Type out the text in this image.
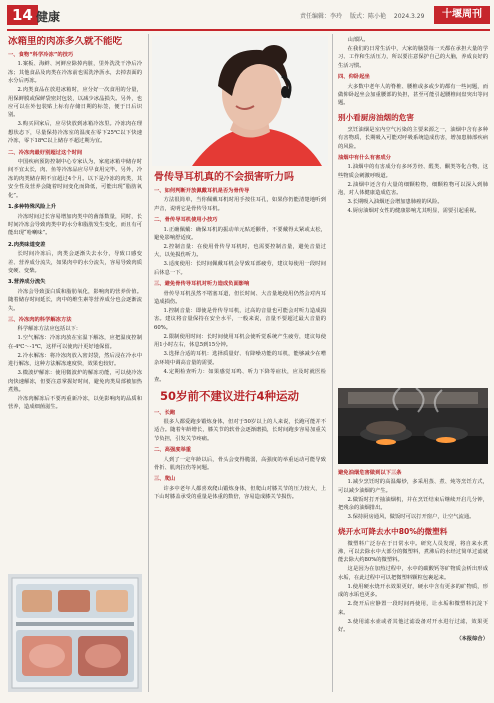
14 健康	责任编辑：李玲 版式：陈小艳 2024.3.29	十堰周刊

冰箱里的肉冻多久就不能吃

一、食物“科学冷冻”的技巧

1.案板、海鲜、河鲜应除掉内脏，里外洗洗干净后冷冻；其他食品及肉类在冷冻前也需洗净沥水，去掉表面的水分后再冻。

2.肉类食品在放进冰箱时，应分好一次食用的分量，用保鲜膜或保鲜袋密封包装，以减少冰晶损失。另外，也应可以在外包装贴上标有存储日期的标签，便于日后识别。

3.购买回家后，应尽快放到冰箱冷冻里。冷冻肉在理想状态下，尽量保持冷冻室的温度在零下25℃以下快速冷冻，零下18℃以上储存不超过期为宜。

二、冷冻肉最好别超过这个时间

中国疾病预防控制中心专家认为，家庭冰箱中储存时间不宜太长，肉、鱼等冷冻品应尽早食用完毕。另外，冷冻的肉类储存期不宜超过4个月。以下是冷冻的肉类，其安全性及营养会随着时间变化而降低，可能出现“脂肪氧化”。

1.多种特殊风险上升

冷冻时间过长容易增加肉类中的菌落数量，同时，长时间冷冻会导致肉类中的水分和脂肪发生变化，而且有可能出现“哈喇味”。

2.肉类味道变差

长时间冷冻后，肉类会逐渐失去水分，导致口感变差、营养成分流失，如果肉中的水分流失，容易导致肉质变硬、变柴。

3.营养成分流失

冷冻会导致蛋白质和脂肪氧化，影响肉的营养价值。随着储存时间延长，肉中的维生素等营养成分也会逐渐流失。

三、冷冻肉的科学解冻方法

科学解冻方法应包括以下：

1.空气解冻：冷冻肉放在室温下解冻，应把温度控制在-4℃～-1℃，这样可以使肉汁更好地保留。

2.冷水解冻：将冷冻肉放入密封袋，然后浸在冷水中进行解冻，这种方法解冻速度快，效果也较好。

3.微波炉解冻：使用微波炉的解冻功能，可以使冷冻肉快速解冻，但要注意掌握好时间，避免肉类局部被加热煮熟。

冷冻肉解冻后不要再重新冷冻，以免影响肉的品质和营养，造成细菌滋生。

骨传导耳机真的不会损害听力吗

一、如何判断开放佩戴耳机是否为骨传导

方法很简单，当你佩戴耳机时用手按住耳孔，如果你仍能清楚地听到声音，说明它是骨传导耳机。

二、骨传导耳机使用小技巧

1.正确佩戴：确保耳机的振动单元贴近颧骨，不要戴得太紧或太松，避免影响舒适度。

2.控制音量：在使用骨传导耳机时，也需要控制音量，避免音量过大，以免损伤听力。

3.适度使用：长时间佩戴耳机会导致耳部疲劳，建议每使用一段时间后休息一下。

三、避免骨传导耳机对听力造成负面影响

骨传导耳机虽然不堵塞耳道，但长时间、大音量地使用仍然会对内耳造成损伤。

1.控制音量：即使是骨传导耳机，过高的音量也可能会对听力造成损害。建议将音量保持在安全水平，一般来说，音量不要超过最大音量的60%。

2.限制使用时间：长时间使用耳机会使听觉系统产生疲劳，建议每使用1小时左右，休息5到15分钟。

3.选择合适的耳机：选择质量好、有降噪功能的耳机，能够减少在嘈杂环境中调高音量的需要。

4.定期检查听力：如果感觉耳鸣、听力下降等症状，应及时就医检查。

50岁前不建议进行4种运动

一、长跑

很多人都爱跑步锻炼身体，但对于50岁以上的人来说，长跑可能并不适合。随着年龄增长，膝关节的软骨会逐渐磨损，长时间跑步容易加重关节负担，引发关节疼痛。

二、高强度举重

人到了一定年龄以后，骨头会变得脆弱，高强度的举重运动可能导致骨折、肌肉拉伤等问题。

三、爬山

许多中老年人都喜欢爬山锻炼身体，但爬山对膝关节的压力较大，上下山时膝盖承受的重量是体重的数倍，容易造成膝关节损伤。

山部队。

在我们的日常生活中，大家的脑袋每一天都在承担大量的学习、工作和生活压力，所以要注意保护自己的大脑，养成良好的生活习惯。

四、仰卧起坐

大多数中老年人的脊椎、腰椎或多或少的都有一些问题，而做仰卧起坐会加重腰部的负担，甚至可能引起腰椎间盘突出等问题。

别小看厨房油烟的危害

烹饪油烟是室内空气污染的主要来源之一，油烟中含有多种有害物质，长期吸入可能对呼吸系统造成伤害，增加患肺部疾病的风险。

油烟中有什么有害成分

1.油烟中的有害成分有多环芳烃、醛类、酮类等化合物，这些物质会刺激呼吸道。

2.油烟中还含有大量的细颗粒物，细颗粒物可以深入到肺泡，对人体健康造成危害。

3.长期吸入油烟还会增加患肺癌的风险。

4.厨房油烟对女性的健康影响尤其明显，需要引起重视。

避免油烟危害做到以下三条

1.减少烹饪时的高温爆炒，多采用蒸、煮、炖等烹饪方式，可以减少油烟的产生。

2.做饭时打开抽油烟机，并在烹饪结束后继续开启几分钟，把残余的油烟排出。

3.保持厨房通风，做饭时可以打开窗户，让空气流通。

烧开水可降去水中80%的微塑料

微塑料广泛存在于日常水中。研究人员发现，将自来水煮沸，可以去除水中大部分的微塑料，煮沸后的水经过简单过滤就能去除大约80%的微塑料。

这是因为在加热过程中，水中的碳酸钙等矿物质会析出形成水垢，在此过程中可以把微塑料颗粒包裹起来。

1.使用硬水烧开水效果更好，硬水中含有更多的矿物质，形成的水垢也更多。

2.烧开后应静置一段时间再使用，让水垢和微塑料沉淀下来。

3.使用滤水壶或者其他过滤设备对开水进行过滤，效果更好。

（本报综合）
